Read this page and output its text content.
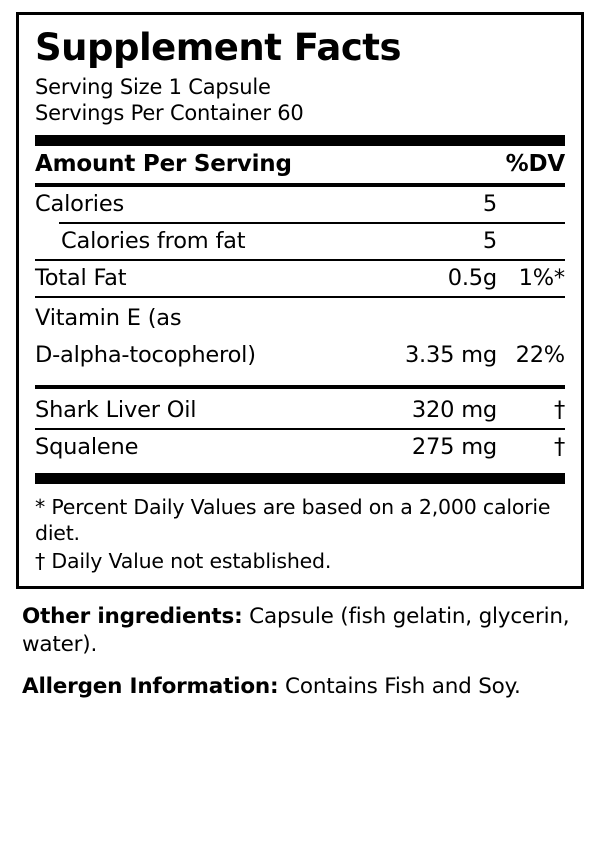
Supplement Facts
Serving Size 1 Capsule
Servings Per Container 60
Amount Per Serving	%DV
Calories	5
Calories from fat	5
Total Fat	0.5g 1%*
Vitamin E (as
D-alpha-tocopherol)	3.35 mg 22%
Shark Liver Oil	320 mg	†
Squalene	275 mg	†

* Percent Daily Values are based on a 2,000 calorie diet.

† Daily Value not established.

Other ingredients: Capsule (fish gelatin, glycerin, water).

Allergen Information: Contains Fish and Soy.
